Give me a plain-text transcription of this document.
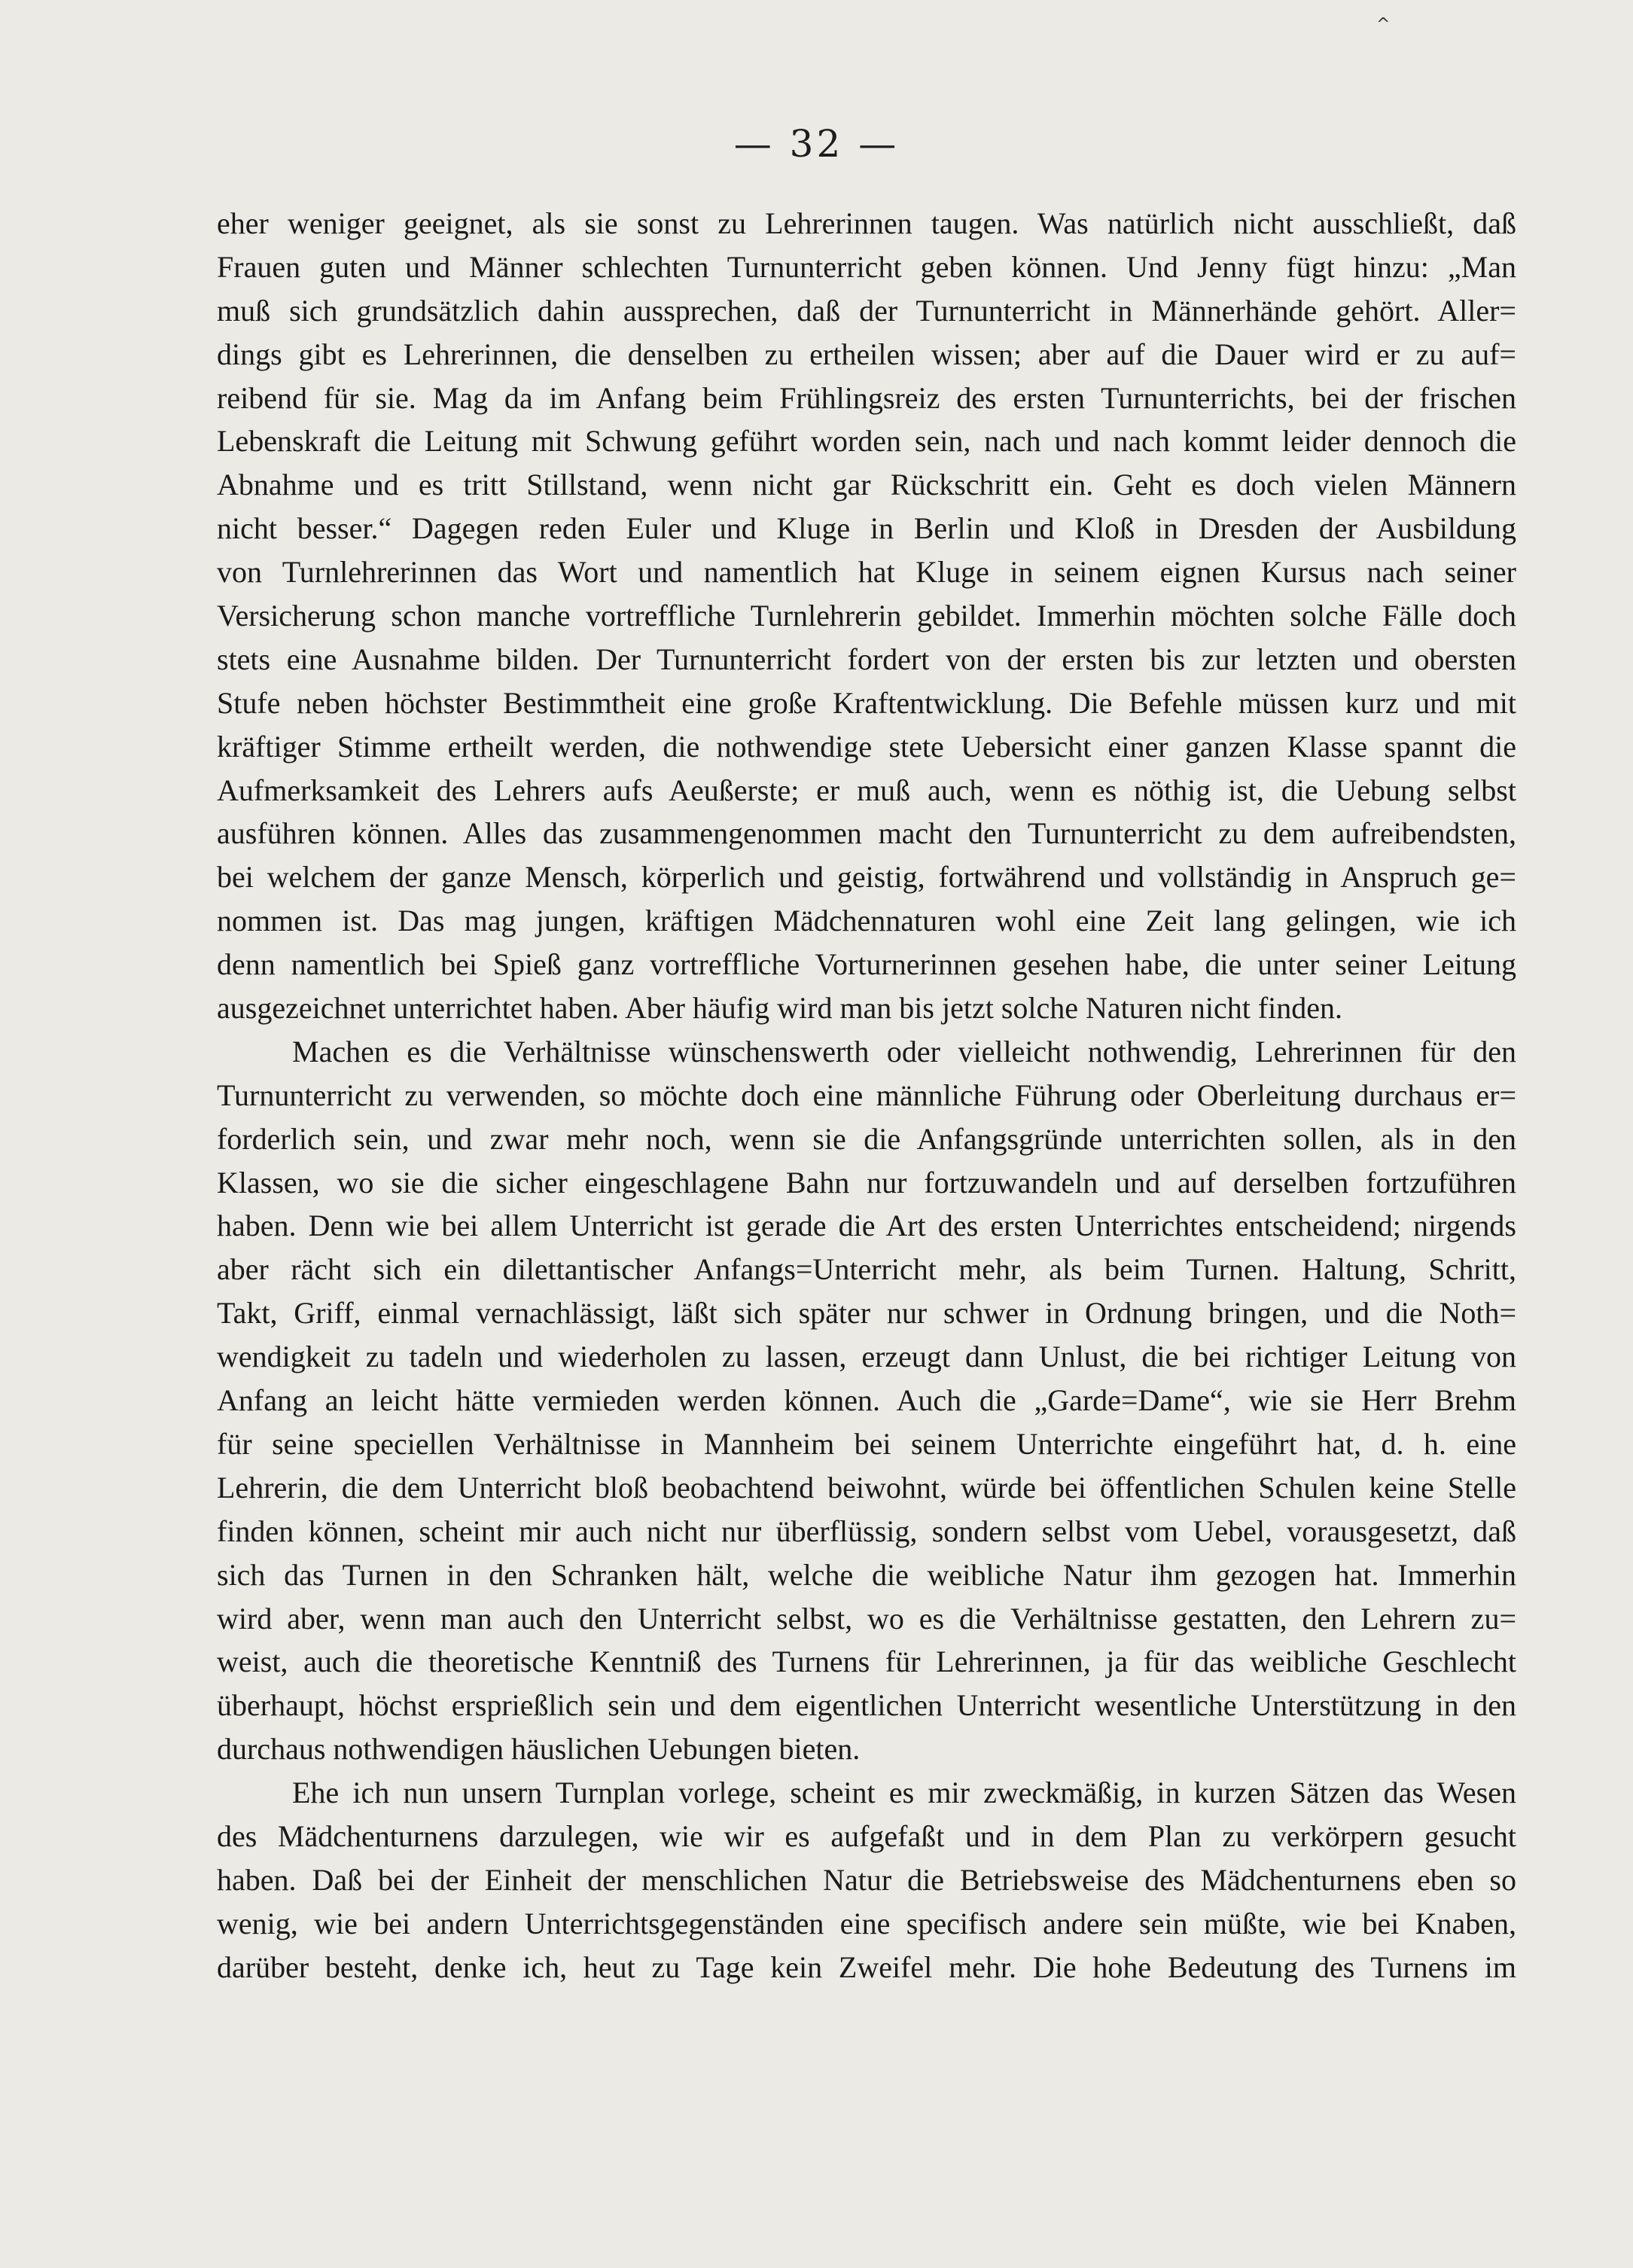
^
— 32 —
eher weniger geeignet, als sie sonst zu Lehrerinnen taugen. Was natürlich nicht ausschließt, daß
Frauen guten und Männer schlechten Turnunterricht geben können. Und Jenny fügt hinzu: „Man
muß sich grundsätzlich dahin aussprechen, daß der Turnunterricht in Männerhände gehört. Aller=
dings gibt es Lehrerinnen, die denselben zu ertheilen wissen; aber auf die Dauer wird er zu auf=
reibend für sie. Mag da im Anfang beim Frühlingsreiz des ersten Turnunterrichts, bei der frischen
Lebenskraft die Leitung mit Schwung geführt worden sein, nach und nach kommt leider dennoch die
Abnahme und es tritt Stillstand, wenn nicht gar Rückschritt ein. Geht es doch vielen Männern
nicht besser.“ Dagegen reden Euler und Kluge in Berlin und Kloß in Dresden der Ausbildung
von Turnlehrerinnen das Wort und namentlich hat Kluge in seinem eignen Kursus nach seiner
Versicherung schon manche vortreffliche Turnlehrerin gebildet. Immerhin möchten solche Fälle doch
stets eine Ausnahme bilden. Der Turnunterricht fordert von der ersten bis zur letzten und obersten
Stufe neben höchster Bestimmtheit eine große Kraftentwicklung. Die Befehle müssen kurz und mit
kräftiger Stimme ertheilt werden, die nothwendige stete Uebersicht einer ganzen Klasse spannt die
Aufmerksamkeit des Lehrers aufs Aeußerste; er muß auch, wenn es nöthig ist, die Uebung selbst
ausführen können. Alles das zusammengenommen macht den Turnunterricht zu dem aufreibendsten,
bei welchem der ganze Mensch, körperlich und geistig, fortwährend und vollständig in Anspruch ge=
nommen ist. Das mag jungen, kräftigen Mädchennaturen wohl eine Zeit lang gelingen, wie ich
denn namentlich bei Spieß ganz vortreffliche Vorturnerinnen gesehen habe, die unter seiner Leitung
ausgezeichnet unterrichtet haben. Aber häufig wird man bis jetzt solche Naturen nicht finden.
Machen es die Verhältnisse wünschenswerth oder vielleicht nothwendig, Lehrerinnen für den
Turnunterricht zu verwenden, so möchte doch eine männliche Führung oder Oberleitung durchaus er=
forderlich sein, und zwar mehr noch, wenn sie die Anfangsgründe unterrichten sollen, als in den
Klassen, wo sie die sicher eingeschlagene Bahn nur fortzuwandeln und auf derselben fortzuführen
haben. Denn wie bei allem Unterricht ist gerade die Art des ersten Unterrichtes entscheidend; nirgends
aber rächt sich ein dilettantischer Anfangs=Unterricht mehr, als beim Turnen. Haltung, Schritt,
Takt, Griff, einmal vernachlässigt, läßt sich später nur schwer in Ordnung bringen, und die Noth=
wendigkeit zu tadeln und wiederholen zu lassen, erzeugt dann Unlust, die bei richtiger Leitung von
Anfang an leicht hätte vermieden werden können. Auch die „Garde=Dame“, wie sie Herr Brehm
für seine speciellen Verhältnisse in Mannheim bei seinem Unterrichte eingeführt hat, d. h. eine
Lehrerin, die dem Unterricht bloß beobachtend beiwohnt, würde bei öffentlichen Schulen keine Stelle
finden können, scheint mir auch nicht nur überflüssig, sondern selbst vom Uebel, vorausgesetzt, daß
sich das Turnen in den Schranken hält, welche die weibliche Natur ihm gezogen hat. Immerhin
wird aber, wenn man auch den Unterricht selbst, wo es die Verhältnisse gestatten, den Lehrern zu=
weist, auch die theoretische Kenntniß des Turnens für Lehrerinnen, ja für das weibliche Geschlecht
überhaupt, höchst ersprießlich sein und dem eigentlichen Unterricht wesentliche Unterstützung in den
durchaus nothwendigen häuslichen Uebungen bieten.
Ehe ich nun unsern Turnplan vorlege, scheint es mir zweckmäßig, in kurzen Sätzen das Wesen
des Mädchenturnens darzulegen, wie wir es aufgefaßt und in dem Plan zu verkörpern gesucht
haben. Daß bei der Einheit der menschlichen Natur die Betriebsweise des Mädchenturnens eben so
wenig, wie bei andern Unterrichtsgegenständen eine specifisch andere sein müßte, wie bei Knaben,
darüber besteht, denke ich, heut zu Tage kein Zweifel mehr. Die hohe Bedeutung des Turnens im
